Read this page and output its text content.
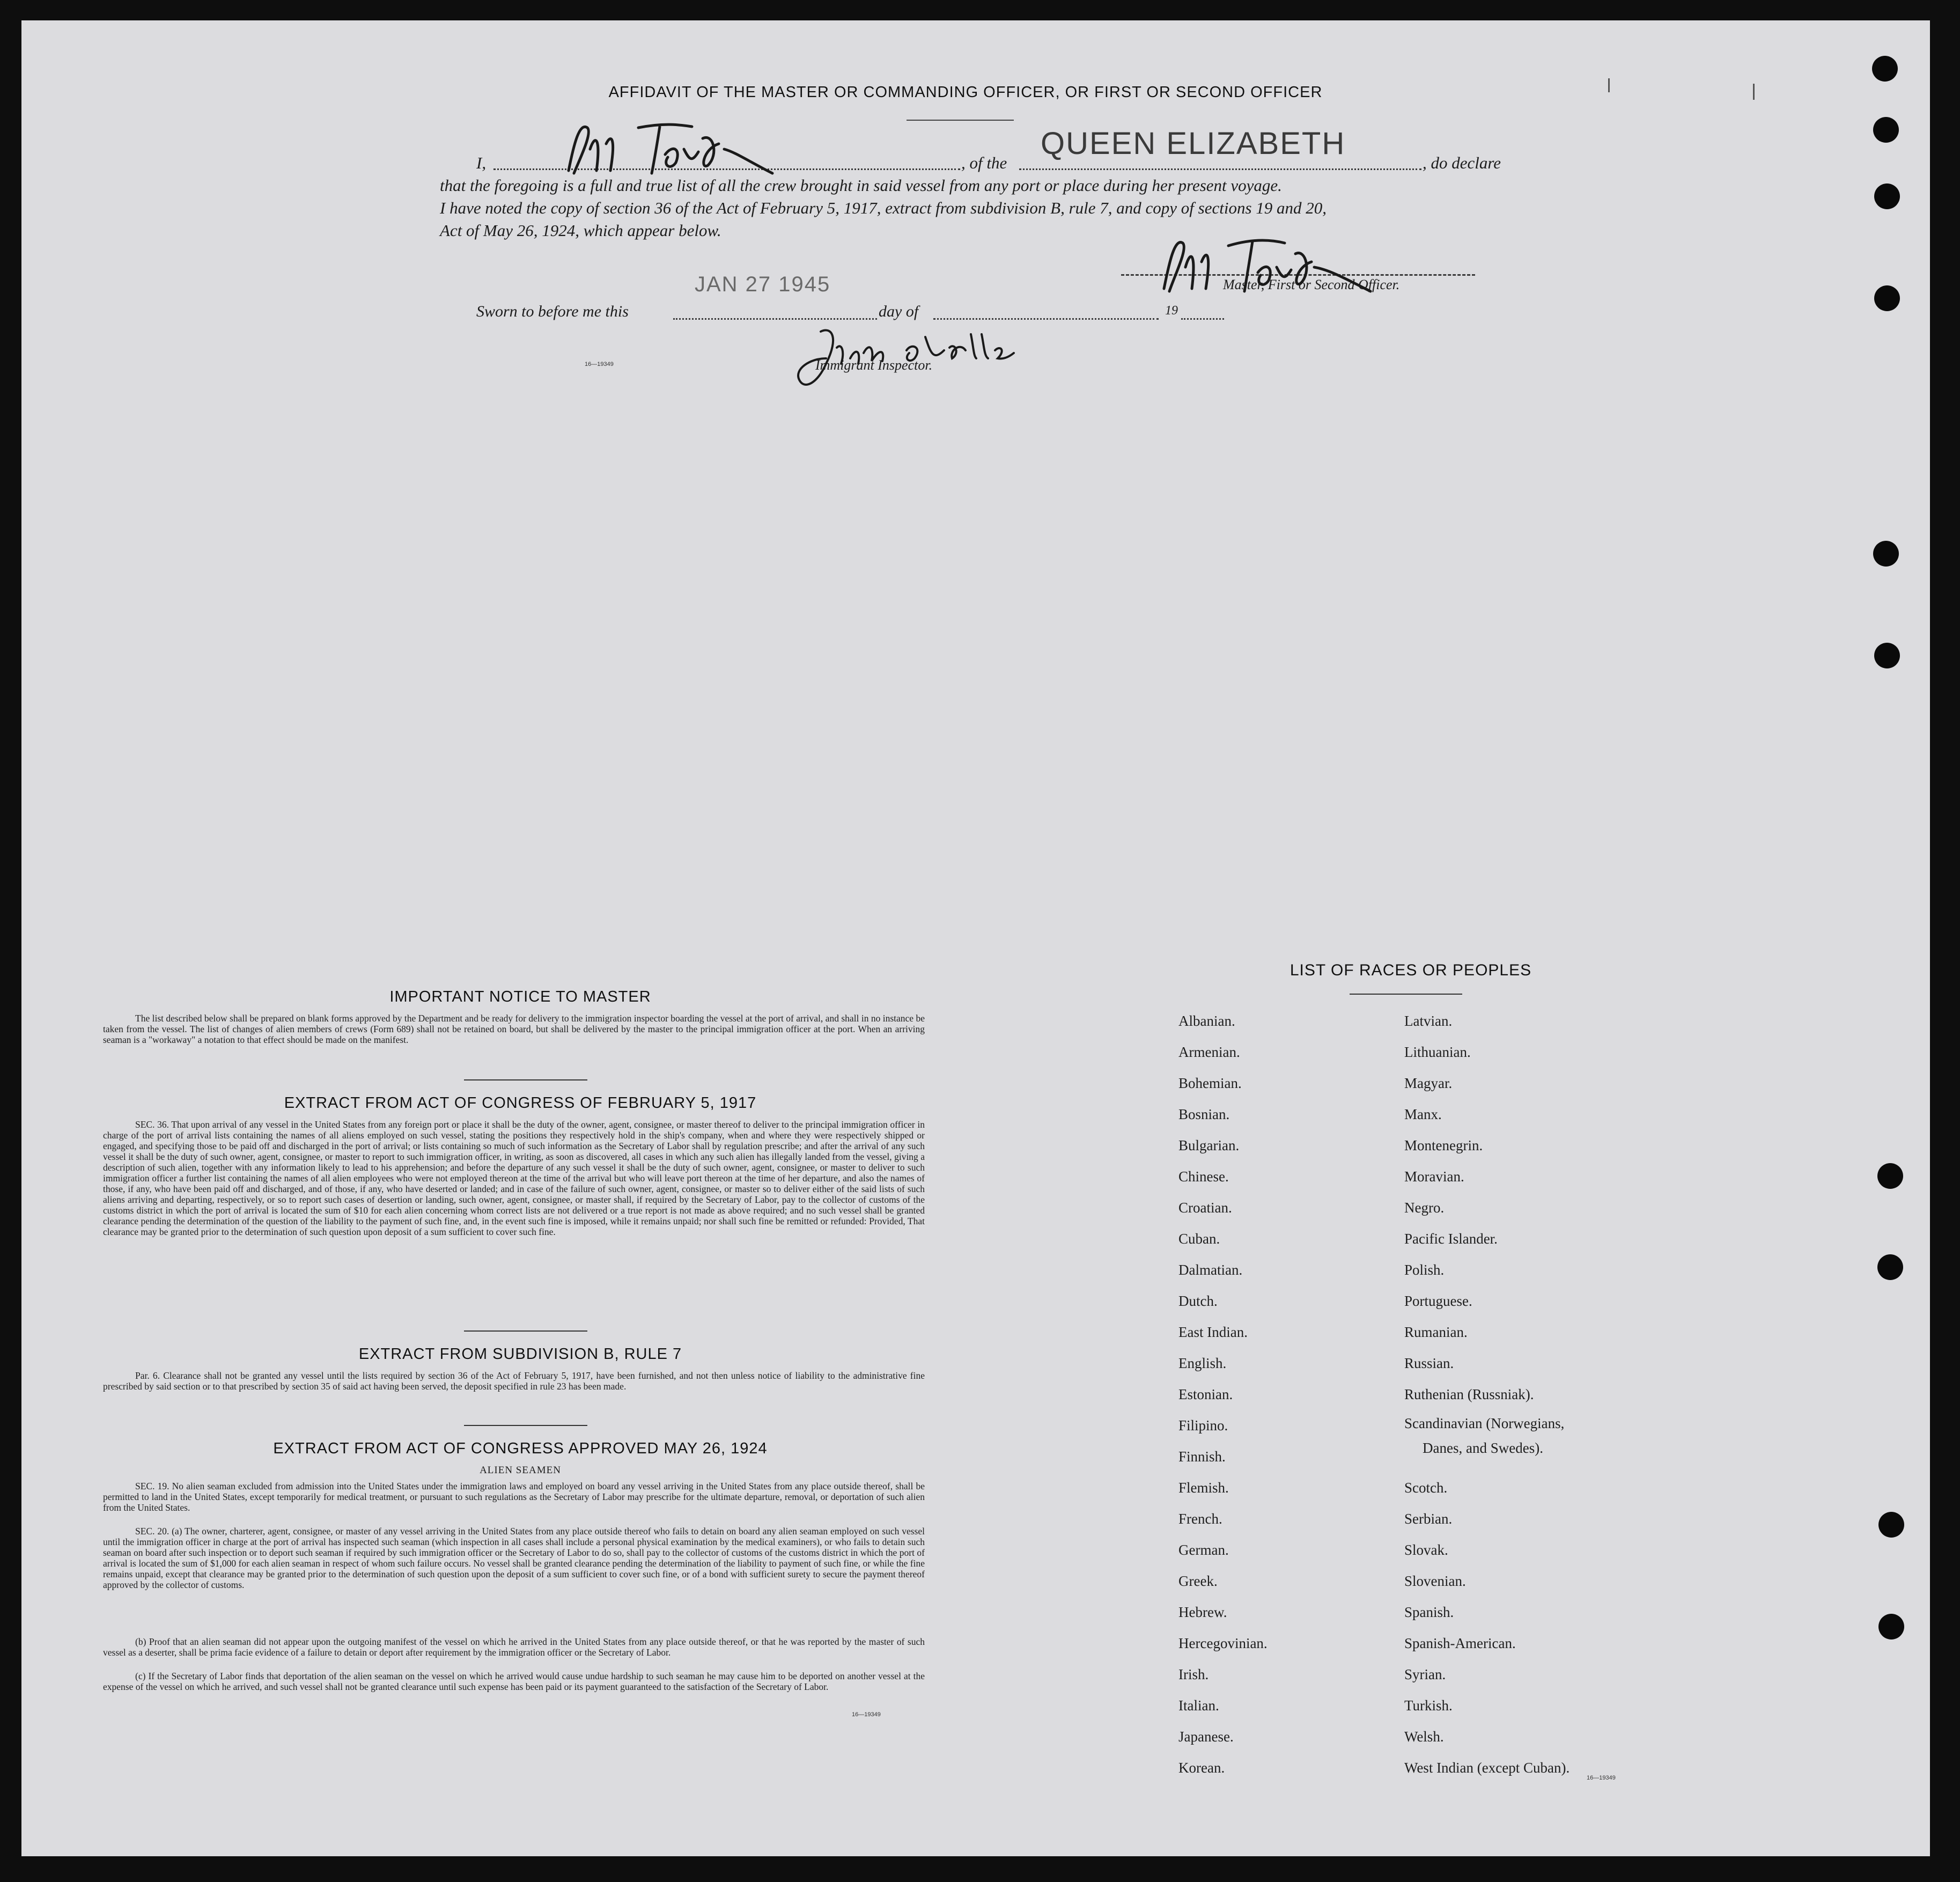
AFFIDAVIT OF THE MASTER OR COMMANDING OFFICER, OR FIRST OR SECOND OFFICER
I,	, of the
QUEEN ELIZABETH
, do declare
that the foregoing is a full and true list of all the crew brought in said vessel from any port or place during her present voyage.
I have noted the copy of section 36 of the Act of February 5, 1917, extract from subdivision B, rule 7, and copy of sections 19 and 20,
Act of May 26, 1924, which appear below.
Master, First or Second Officer.
Sworn to before me this
JAN 27 1945
day of	19
Immigrant Inspector.
16—19349
IMPORTANT NOTICE TO MASTER
The list described below shall be prepared on blank forms approved by the Department and be ready for delivery to the immigration inspector boarding the vessel at the port of arrival, and shall in no instance be taken from the vessel. The list of changes of alien members of crews (Form 689) shall not be retained on board, but shall be delivered by the master to the principal immigration officer at the port. When an arriving seaman is a "workaway" a notation to that effect should be made on the manifest.
EXTRACT FROM ACT OF CONGRESS OF FEBRUARY 5, 1917
SEC. 36. That upon arrival of any vessel in the United States from any foreign port or place it shall be the duty of the owner, agent, consignee, or master thereof to deliver to the principal immigration officer in charge of the port of arrival lists containing the names of all aliens employed on such vessel, stating the positions they respectively hold in the ship's company, when and where they were respectively shipped or engaged, and specifying those to be paid off and discharged in the port of arrival; or lists containing so much of such information as the Secretary of Labor shall by regulation prescribe; and after the arrival of any such vessel it shall be the duty of such owner, agent, consignee, or master to report to such immigration officer, in writing, as soon as discovered, all cases in which any such alien has illegally landed from the vessel, giving a description of such alien, together with any information likely to lead to his apprehension; and before the departure of any such vessel it shall be the duty of such owner, agent, consignee, or master to deliver to such immigration officer a further list containing the names of all alien employees who were not employed thereon at the time of the arrival but who will leave port thereon at the time of her departure, and also the names of those, if any, who have been paid off and discharged, and of those, if any, who have deserted or landed; and in case of the failure of such owner, agent, consignee, or master so to deliver either of the said lists of such aliens arriving and departing, respectively, or so to report such cases of desertion or landing, such owner, agent, consignee, or master shall, if required by the Secretary of Labor, pay to the collector of customs of the customs district in which the port of arrival is located the sum of $10 for each alien concerning whom correct lists are not delivered or a true report is not made as above required; and no such vessel shall be granted clearance pending the determination of the question of the liability to the payment of such fine, and, in the event such fine is imposed, while it remains unpaid; nor shall such fine be remitted or refunded: Provided, That clearance may be granted prior to the determination of such question upon deposit of a sum sufficient to cover such fine.
EXTRACT FROM SUBDIVISION B, RULE 7
Par. 6. Clearance shall not be granted any vessel until the lists required by section 36 of the Act of February 5, 1917, have been furnished, and not then unless notice of liability to the administrative fine prescribed by said section or to that prescribed by section 35 of said act having been served, the deposit specified in rule 23 has been made.
EXTRACT FROM ACT OF CONGRESS APPROVED MAY 26, 1924
ALIEN SEAMEN
SEC. 19. No alien seaman excluded from admission into the United States under the immigration laws and employed on board any vessel arriving in the United States from any place outside thereof, shall be permitted to land in the United States, except temporarily for medical treatment, or pursuant to such regulations as the Secretary of Labor may prescribe for the ultimate departure, removal, or deportation of such alien from the United States.
SEC. 20. (a) The owner, charterer, agent, consignee, or master of any vessel arriving in the United States from any place outside thereof who fails to detain on board any alien seaman employed on such vessel until the immigration officer in charge at the port of arrival has inspected such seaman (which inspection in all cases shall include a personal physical examination by the medical examiners), or who fails to detain such seaman on board after such inspection or to deport such seaman if required by such immigration officer or the Secretary of Labor to do so, shall pay to the collector of customs of the customs district in which the port of arrival is located the sum of $1,000 for each alien seaman in respect of whom such failure occurs. No vessel shall be granted clearance pending the determination of the liability to payment of such fine, or while the fine remains unpaid, except that clearance may be granted prior to the determination of such question upon the deposit of a sum sufficient to cover such fine, or of a bond with sufficient surety to secure the payment thereof approved by the collector of customs.
(b) Proof that an alien seaman did not appear upon the outgoing manifest of the vessel on which he arrived in the United States from any place outside thereof, or that he was reported by the master of such vessel as a deserter, shall be prima facie evidence of a failure to detain or deport after requirement by the immigration officer or the Secretary of Labor.
(c) If the Secretary of Labor finds that deportation of the alien seaman on the vessel on which he arrived would cause undue hardship to such seaman he may cause him to be deported on another vessel at the expense of the vessel on which he arrived, and such vessel shall not be granted clearance until such expense has been paid or its payment guaranteed to the satisfaction of the Secretary of Labor.
16—19349
LIST OF RACES OR PEOPLES
Danes, and Swedes).
16—19349
Albanian.
Armenian.
Bohemian.
Bosnian.
Bulgarian.
Chinese.
Croatian.
Cuban.
Dalmatian.
Dutch.
East Indian.
English.
Estonian.
Filipino.
Finnish.
Flemish.
French.
German.
Greek.
Hebrew.
Hercegovinian.
Irish.
Italian.
Japanese.
Korean.
Latvian.
Lithuanian.
Magyar.
Manx.
Montenegrin.
Moravian.
Negro.
Pacific Islander.
Polish.
Portuguese.
Rumanian.
Russian.
Ruthenian (Russniak).
Scandinavian (Norwegians,
Scotch.
Serbian.
Slovak.
Slovenian.
Spanish.
Spanish-American.
Syrian.
Turkish.
Welsh.
West Indian (except Cuban).
